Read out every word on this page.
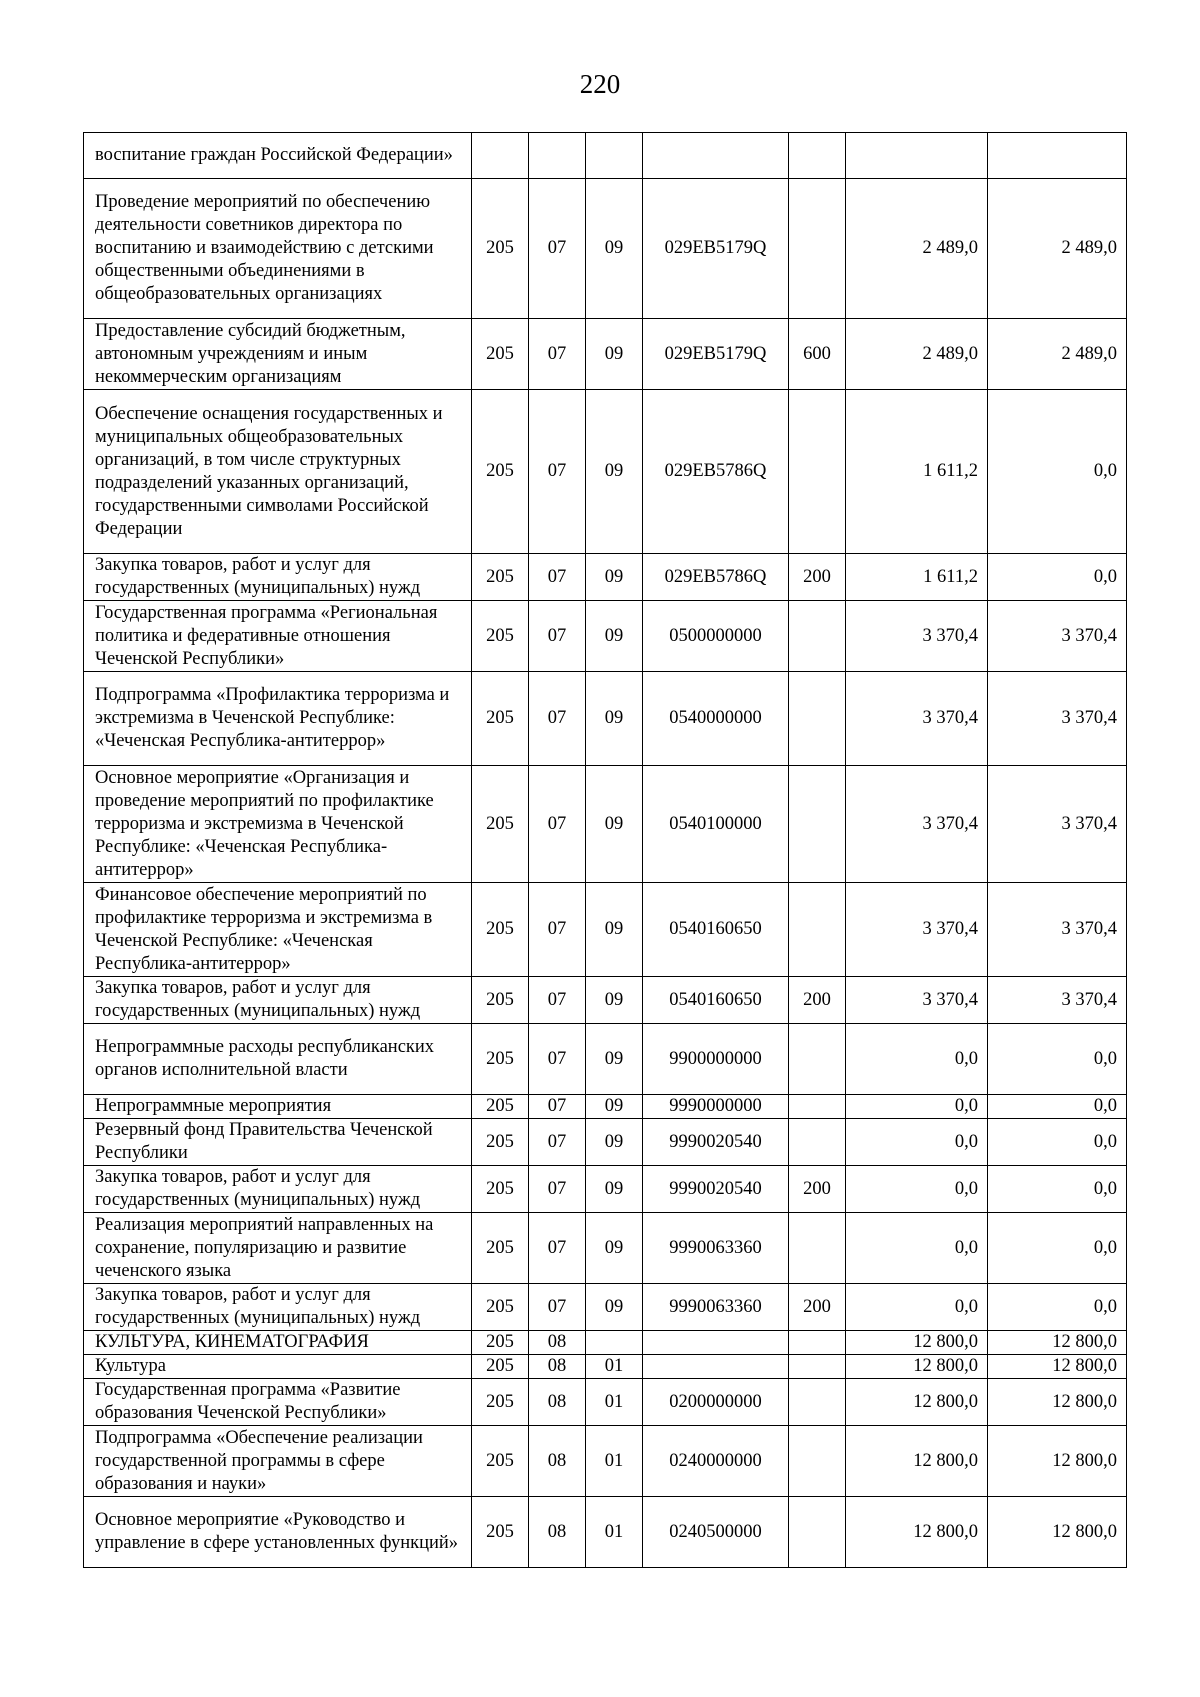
220
воспитание граждан Российской Федерации»							
Проведение мероприятий по обеспечению деятельности советников директора по воспитанию и взаимодействию с детскими общественными объединениями в общеобразовательных организациях	205	07	09	029EB5179Q		2 489,0	2 489,0
Предоставление субсидий бюджетным, автономным учреждениям и иным некоммерческим организациям	205	07	09	029EB5179Q	600	2 489,0	2 489,0
Обеспечение оснащения государственных и муниципальных общеобразовательных организаций, в том числе структурных подразделений указанных организаций, государственными символами Российской Федерации	205	07	09	029EB5786Q		1 611,2	0,0
Закупка товаров, работ и услуг для государственных (муниципальных) нужд	205	07	09	029EB5786Q	200	1 611,2	0,0
Государственная программа «Региональная политика и федеративные отношения Чеченской Республики»	205	07	09	0500000000		3 370,4	3 370,4
Подпрограмма «Профилактика терроризма и экстремизма в Чеченской Республике: «Чеченская Республика-антитеррор»	205	07	09	0540000000		3 370,4	3 370,4
Основное мероприятие «Организация и проведение мероприятий по профилактике терроризма и экстремизма в Чеченской Республике: «Чеченская Республика-антитеррор»	205	07	09	0540100000		3 370,4	3 370,4
Финансовое обеспечение мероприятий по профилактике терроризма и экстремизма в Чеченской Республике: «Чеченская Республика-антитеррор»	205	07	09	0540160650		3 370,4	3 370,4
Закупка товаров, работ и услуг для государственных (муниципальных) нужд	205	07	09	0540160650	200	3 370,4	3 370,4
Непрограммные расходы республиканских органов исполнительной власти	205	07	09	9900000000		0,0	0,0
Непрограммные мероприятия	205	07	09	9990000000		0,0	0,0
Резервный фонд Правительства Чеченской Республики	205	07	09	9990020540		0,0	0,0
Закупка товаров, работ и услуг для государственных (муниципальных) нужд	205	07	09	9990020540	200	0,0	0,0
Реализация мероприятий направленных на сохранение, популяризацию и развитие чеченского языка	205	07	09	9990063360		0,0	0,0
Закупка товаров, работ и услуг для государственных (муниципальных) нужд	205	07	09	9990063360	200	0,0	0,0
КУЛЬТУРА, КИНЕМАТОГРАФИЯ	205	08				12 800,0	12 800,0
Культура	205	08	01			12 800,0	12 800,0
Государственная программа «Развитие образования Чеченской Республики»	205	08	01	0200000000		12 800,0	12 800,0
Подпрограмма «Обеспечение реализации государственной программы в сфере образования и науки»	205	08	01	0240000000		12 800,0	12 800,0
Основное мероприятие «Руководство и управление в сфере установленных функций»	205	08	01	0240500000		12 800,0	12 800,0
